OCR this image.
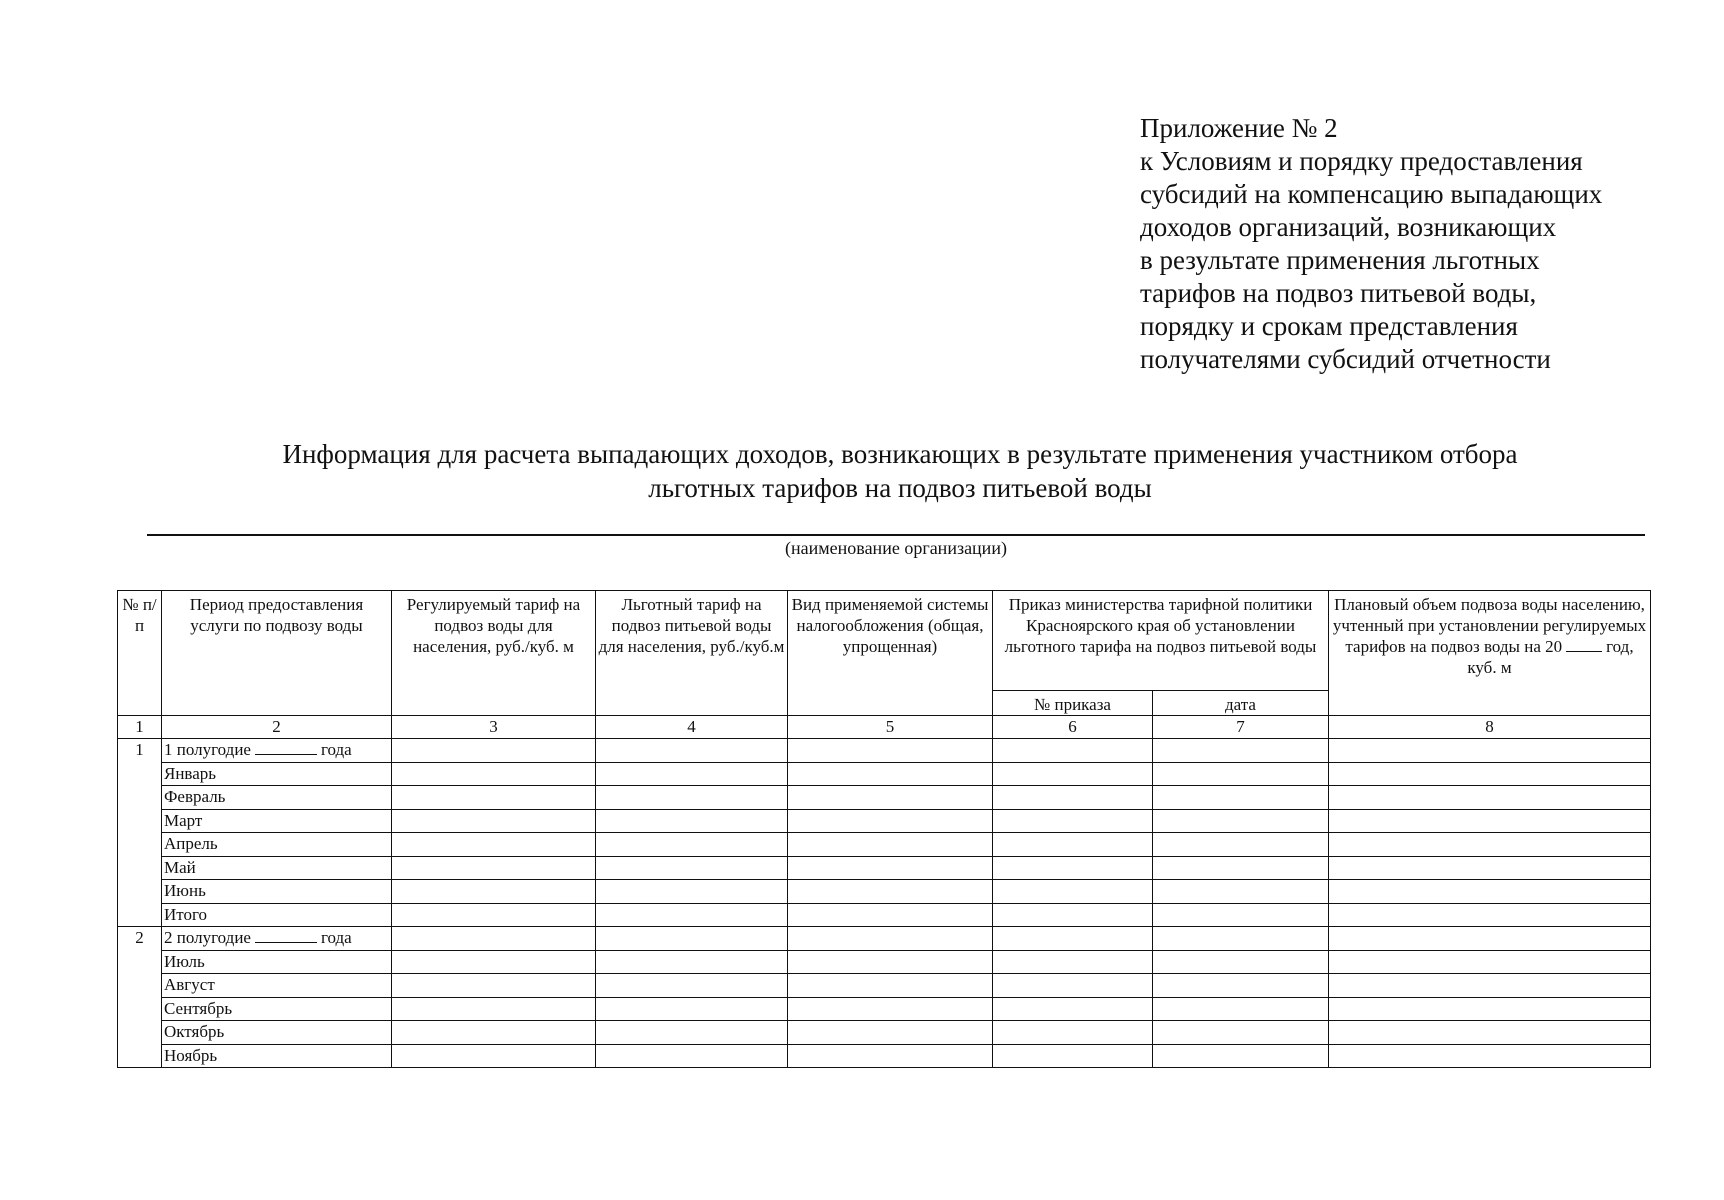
Приложение № 2
к Условиям и порядку предоставления
субсидий на компенсацию выпадающих
доходов организаций, возникающих
в результате применения льготных
тарифов на подвоз питьевой воды,
порядку и срокам представления
получателями субсидий отчетности
Информация для расчета выпадающих доходов, возникающих в результате применения участником отбора
льготных тарифов на подвоз питьевой воды
(наименование организации)
№ п/п	Период предоставления услуги по подвозу воды	Регулируемый тариф на подвоз воды для населения, руб./куб. м	Льготный тариф на подвоз питьевой воды для населения, руб./куб.м	Вид применяемой системы налогообложения (общая, упрощенная)	Приказ министерства тарифной политики Красноярского края об установлении льготного тарифа на подвоз питьевой воды		Плановый объем подвоза воды населению, учтенный при установлении регулируемых тарифов на подвоз воды на 20 год, куб. м
					№ приказа	дата	
1	2	3	4	5	6	7	8
1	1 полугодие года						
	Январь						
	Февраль						
	Март						
	Апрель						
	Май						
	Июнь						
	Итого						
2	2 полугодие года						
	Июль						
	Август						
	Сентябрь						
	Октябрь						
	Ноябрь						
